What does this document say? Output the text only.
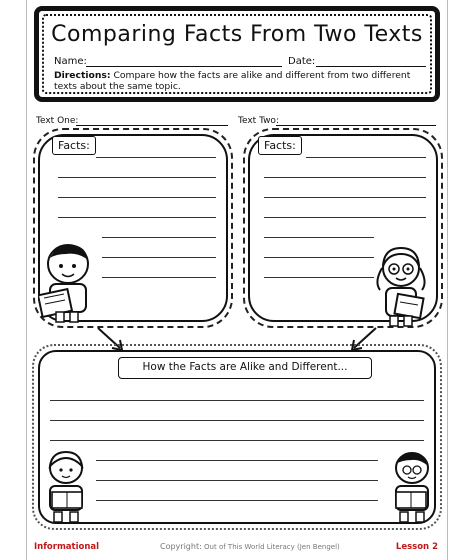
Comparing Facts From Two Texts
Name:	Date:
Directions: Compare how the facts are alike and different from two different texts about the same topic.
Text One:	Text Two:
Facts:	Facts:
How the Facts are Alike and Different...
Informational	Copyright: Out of This World Literacy (Jen Bengel)	Lesson 2
